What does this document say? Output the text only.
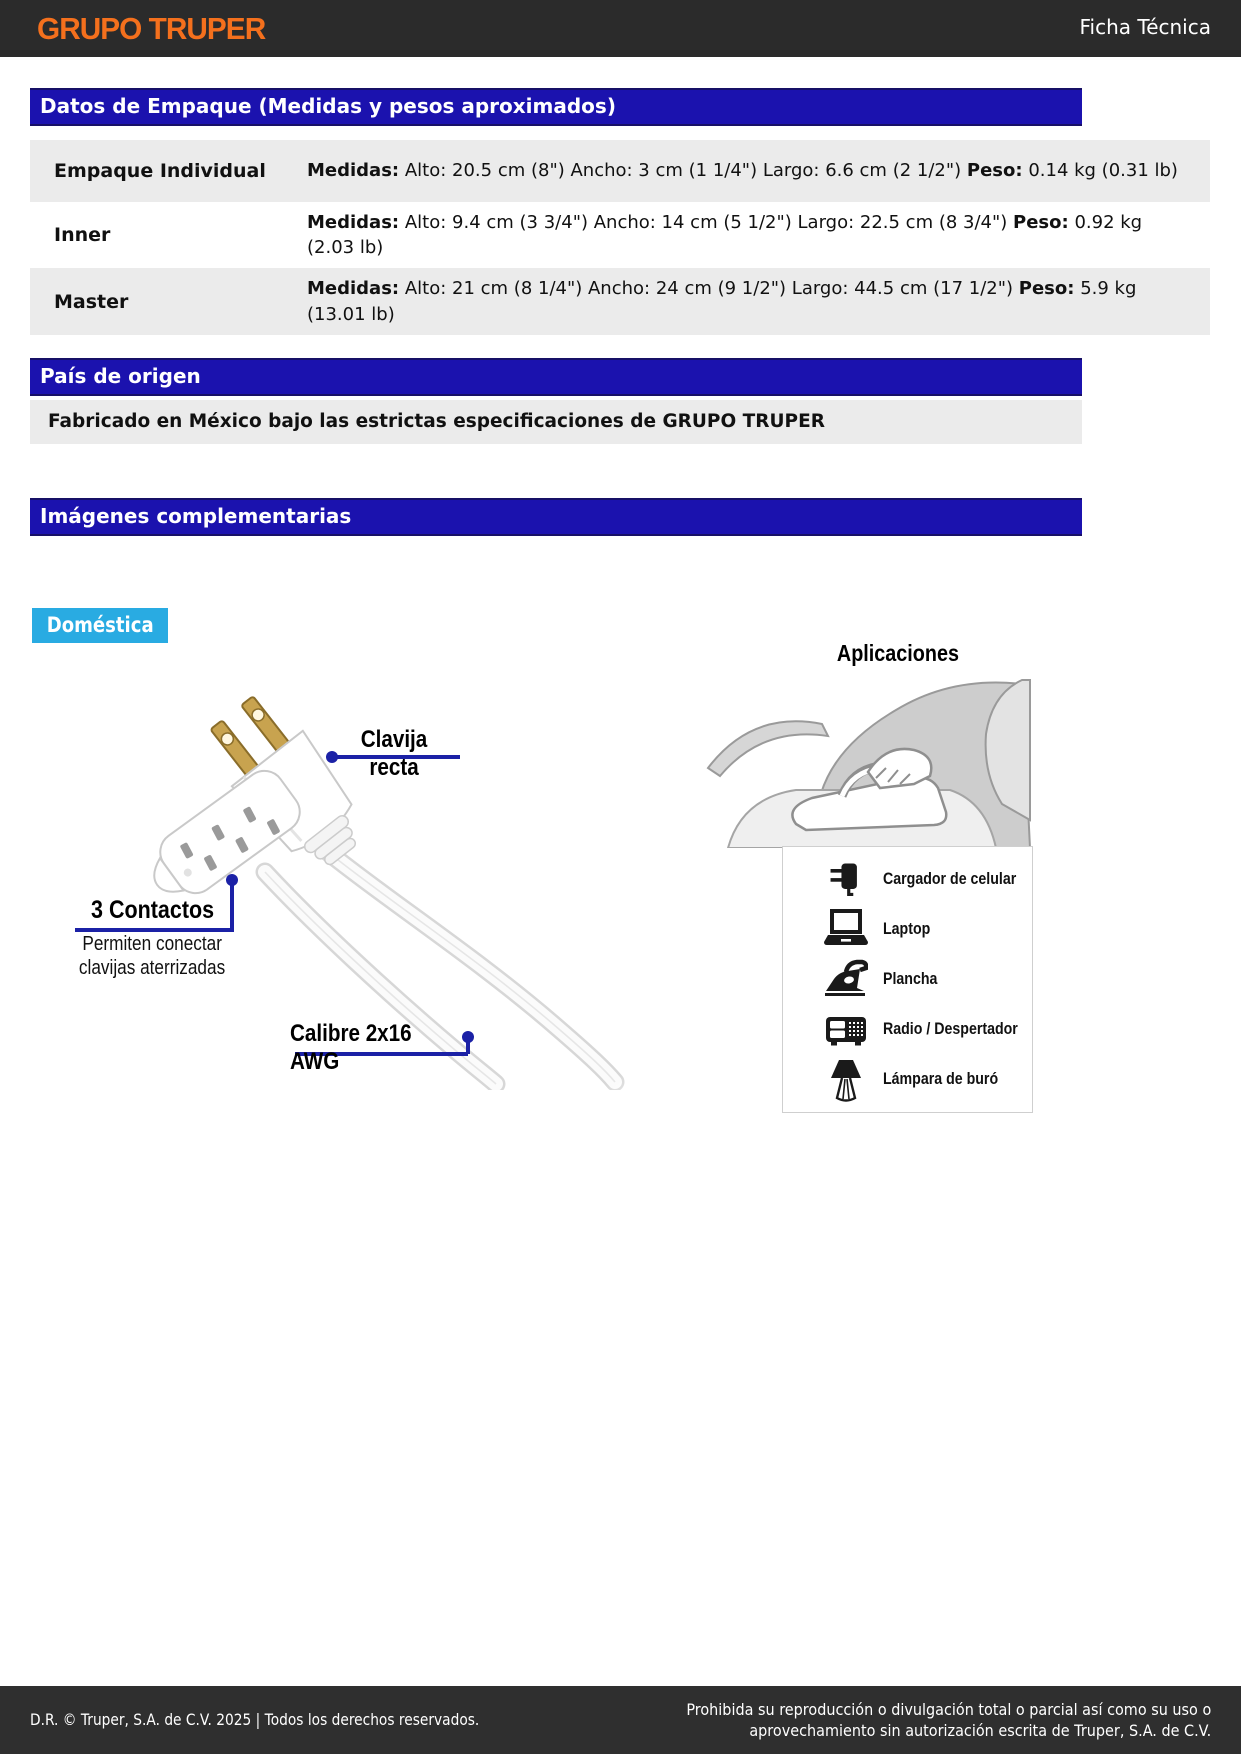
GRUPO TRUPER	Ficha Técnica
Datos de Empaque (Medidas y pesos aproximados)
Empaque Individual	Medidas: Alto: 20.5 cm (8") Ancho: 3 cm (1 1/4") Largo: 6.6 cm (2 1/2") Peso: 0.14 kg (0.31 lb)
Inner
Medidas: Alto: 9.4 cm (3 3/4") Ancho: 14 cm (5 1/2") Largo: 22.5 cm (8 3/4") Peso: 0.92 kg (2.03 lb)
Master
Medidas: Alto: 21 cm (8 1/4") Ancho: 24 cm (9 1/2") Largo: 44.5 cm (17 1/2") Peso: 5.9 kg (13.01 lb)
País de origen
Fabricado en México bajo las estrictas especificaciones de GRUPO TRUPER
Imágenes complementarias
Doméstica
Clavija recta
3 Contactos
Permiten conectar
clavijas aterrizadas
Calibre 2x16 AWG
Aplicaciones
Cargador de celular
Laptop
Plancha
Radio / Despertador
Lámpara de buró
D.R. © Truper, S.A. de C.V. 2025 | Todos los derechos reservados.
Prohibida su reproducción o divulgación total o parcial así como su uso o
aprovechamiento sin autorización escrita de Truper, S.A. de C.V.
